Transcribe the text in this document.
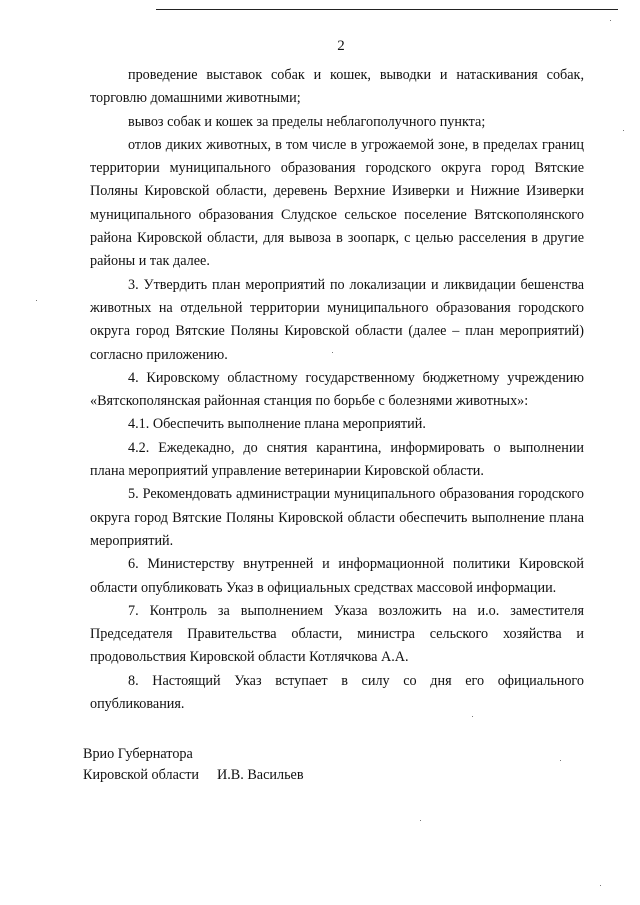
2

проведение выставок собак и кошек, выводки и натаскивания собак, торговлю домашними животными;

вывоз собак и кошек за пределы неблагополучного пункта;

отлов диких животных, в том числе в угрожаемой зоне, в пределах границ территории муниципального образования городского округа город Вятские Поляны Кировской области, деревень Верхние Изиверки и Нижние Изиверки муниципального образования Слудское сельское поселение Вятскополянского района Кировской области, для вывоза в зоопарк, с целью расселения в другие районы и так далее.

3. Утвердить план мероприятий по локализации и ликвидации бешенства животных на отдельной территории муниципального образования городского округа город Вятские Поляны Кировской области (далее – план мероприятий) согласно приложению.

4. Кировскому областному государственному бюджетному учреждению «Вятскополянская районная станция по борьбе с болезнями животных»:

4.1. Обеспечить выполнение плана мероприятий.

4.2. Ежедекадно, до снятия карантина, информировать о выполнении плана мероприятий управление ветеринарии Кировской области.

5. Рекомендовать администрации муниципального образования городского округа город Вятские Поляны Кировской области обеспечить выполнение плана мероприятий.

6. Министерству внутренней и информационной политики Кировской области опубликовать Указ в официальных средствах массовой информации.

7. Контроль за выполнением Указа возложить на и.о. заместителя Председателя Правительства области, министра сельского хозяйства и продовольствия Кировской области Котлячкова А.А.

8. Настоящий Указ вступает в силу со дня его официального опубликования.

Врио Губернатора
Кировской области И.В. Васильев
